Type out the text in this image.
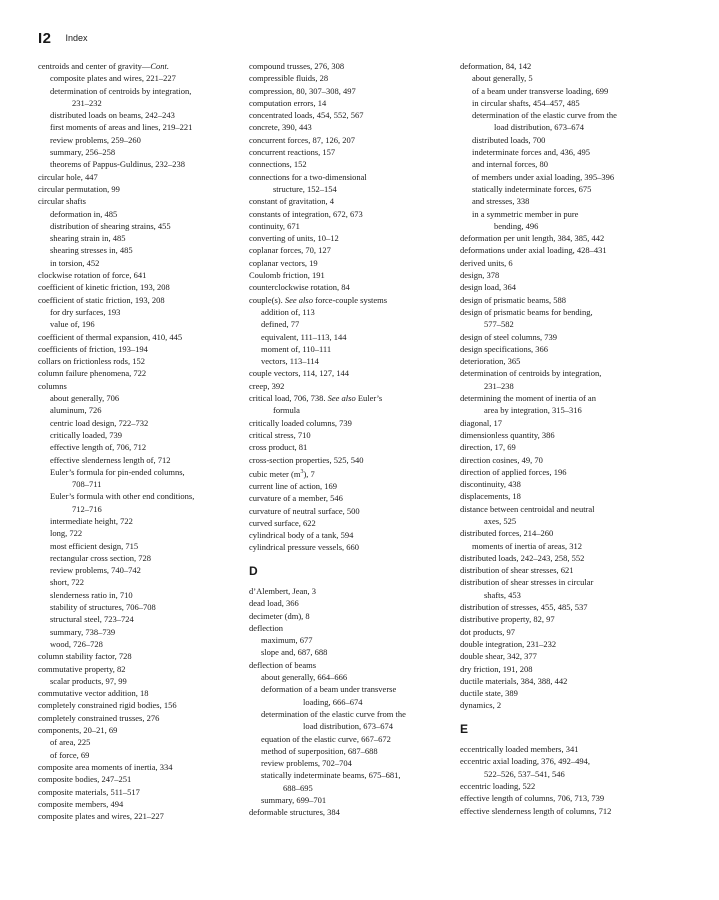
I2 Index
centroids and center of gravity—Cont.
composite plates and wires, 221–227
determination of centroids by integration,
231–232
distributed loads on beams, 242–243
first moments of areas and lines, 219–221
review problems, 259–260
summary, 256–258
theorems of Pappus-Guldinus, 232–238
circular hole, 447
circular permutation, 99
circular shafts
deformation in, 485
distribution of shearing strains, 455
shearing strain in, 485
shearing stresses in, 485
in torsion, 452
clockwise rotation of force, 641
coefficient of kinetic friction, 193, 208
coefficient of static friction, 193, 208
for dry surfaces, 193
value of, 196
coefficient of thermal expansion, 410, 445
coefficients of friction, 193–194
collars on frictionless rods, 152
column failure phenomena, 722
columns
about generally, 706
aluminum, 726
centric load design, 722–732
critically loaded, 739
effective length of, 706, 712
effective slenderness length of, 712
Euler’s formula for pin-ended columns,
708–711
Euler’s formula with other end conditions,
712–716
intermediate height, 722
long, 722
most efficient design, 715
rectangular cross section, 728
review problems, 740–742
short, 722
slenderness ratio in, 710
stability of structures, 706–708
structural steel, 723–724
summary, 738–739
wood, 726–728
column stability factor, 728
commutative property, 82
scalar products, 97, 99
commutative vector addition, 18
completely constrained rigid bodies, 156
completely constrained trusses, 276
components, 20–21, 69
of area, 225
of force, 69
composite area moments of inertia, 334
composite bodies, 247–251
composite materials, 511–517
composite members, 494
composite plates and wires, 221–227
compound trusses, 276, 308
compressible fluids, 28
compression, 80, 307–308, 497
computation errors, 14
concentrated loads, 454, 552, 567
concrete, 390, 443
concurrent forces, 87, 126, 207
concurrent reactions, 157
connections, 152
connections for a two-dimensional
structure, 152–154
constant of gravitation, 4
constants of integration, 672, 673
continuity, 671
converting of units, 10–12
coplanar forces, 70, 127
coplanar vectors, 19
Coulomb friction, 191
counterclockwise rotation, 84
couple(s). See also force-couple systems
addition of, 113
defined, 77
equivalent, 111–113, 144
moment of, 110–111
vectors, 113–114
couple vectors, 114, 127, 144
creep, 392
critical load, 706, 738. See also Euler’s
formula
critically loaded columns, 739
critical stress, 710
cross product, 81
cross-section properties, 525, 540
cubic meter $(m^3)$, 7
current line of action, 169
curvature of a member, 546
curvature of neutral surface, 500
curved surface, 622
cylindrical body of a tank, 594
cylindrical pressure vessels, 660
D
d’Alembert, Jean, 3
dead load, 366
decimeter (dm), 8
deflection
maximum, 677
slope and, 687, 688
deflection of beams
about generally, 664–666
deformation of a beam under transverse
loading, 666–674
determination of the elastic curve from the
load distribution, 673–674
equation of the elastic curve, 667–672
method of superposition, 687–688
review problems, 702–704
statically indeterminate beams, 675–681,
688–695
summary, 699–701
deformable structures, 384
deformation, 84, 142
about generally, 5
of a beam under transverse loading, 699
in circular shafts, 454–457, 485
determination of the elastic curve from the
load distribution, 673–674
distributed loads, 700
indeterminate forces and, 436, 495
and internal forces, 80
of members under axial loading, 395–396
statically indeterminate forces, 675
and stresses, 338
in a symmetric member in pure
bending, 496
deformation per unit length, 384, 385, 442
deformations under axial loading, 428–431
derived units, 6
design, 378
design load, 364
design of prismatic beams, 588
design of prismatic beams for bending,
577–582
design of steel columns, 739
design specifications, 366
deterioration, 365
determination of centroids by integration,
231–238
determining the moment of inertia of an
area by integration, 315–316
diagonal, 17
dimensionless quantity, 386
direction, 17, 69
direction cosines, 49, 70
direction of applied forces, 196
discontinuity, 438
displacements, 18
distance between centroidal and neutral
axes, 525
distributed forces, 214–260
moments of inertia of areas, 312
distributed loads, 242–243, 258, 552
distribution of shear stresses, 621
distribution of shear stresses in circular
shafts, 453
distribution of stresses, 455, 485, 537
distributive property, 82, 97
dot products, 97
double integration, 231–232
double shear, 342, 377
dry friction, 191, 208
ductile materials, 384, 388, 442
ductile state, 389
dynamics, 2
E
eccentrically loaded members, 341
eccentric axial loading, 376, 492–494,
522–526, 537–541, 546
eccentric loading, 522
effective length of columns, 706, 713, 739
effective slenderness length of columns, 712
